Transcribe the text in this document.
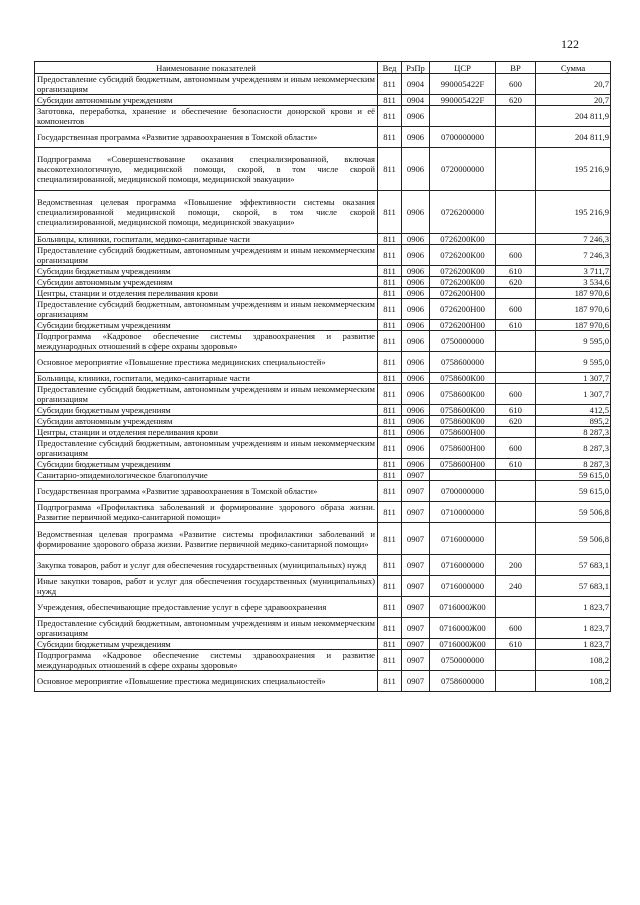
122
Наименование показателей	Вед	РзПр	ЦСР	ВР	Сумма
Предоставление субсидий бюджетным, автономным учреждениям и иным некоммерческим организациям	811	0904	990005422F	600	20,7
Субсидии автономным учреждениям	811	0904	990005422F	620	20,7
Заготовка, переработка, хранение и обеспечение безопасности донорской крови и её компонентов	811	0906			204 811,9
Государственная программа «Развитие здравоохранения в Томской области»	811	0906	0700000000		204 811,9
Подпрограмма «Совершенствование оказания специализированной, включая высокотехнологичную, медицинской помощи, скорой, в том числе скорой специализированной, медицинской помощи, медицинской эвакуации»	811	0906	0720000000		195 216,9
Ведомственная целевая программа «Повышение эффективности системы оказания специализированной медицинской помощи, скорой, в том числе скорой специализированной, медицинской помощи, медицинской эвакуации»	811	0906	0726200000		195 216,9
Больницы, клиники, госпитали, медико-санитарные части	811	0906	0726200К00		7 246,3
Предоставление субсидий бюджетным, автономным учреждениям и иным некоммерческим организациям	811	0906	0726200К00	600	7 246,3
Субсидии бюджетным учреждениям	811	0906	0726200К00	610	3 711,7
Субсидии автономным учреждениям	811	0906	0726200К00	620	3 534,6
Центры, станции и отделения переливания крови	811	0906	0726200Н00		187 970,6
Предоставление субсидий бюджетным, автономным учреждениям и иным некоммерческим организациям	811	0906	0726200Н00	600	187 970,6
Субсидии бюджетным учреждениям	811	0906	0726200Н00	610	187 970,6
Подпрограмма «Кадровое обеспечение системы здравоохранения и развитие международных отношений в сфере охраны здоровья»	811	0906	0750000000		9 595,0
Основное мероприятие «Повышение престижа медицинских специальностей»	811	0906	0758600000		9 595,0
Больницы, клиники, госпитали, медико-санитарные части	811	0906	0758600К00		1 307,7
Предоставление субсидий бюджетным, автономным учреждениям и иным некоммерческим организациям	811	0906	0758600К00	600	1 307,7
Субсидии бюджетным учреждениям	811	0906	0758600К00	610	412,5
Субсидии автономным учреждениям	811	0906	0758600К00	620	895,2
Центры, станции и отделения переливания крови	811	0906	0758600Н00		8 287,3
Предоставление субсидий бюджетным, автономным учреждениям и иным некоммерческим организациям	811	0906	0758600Н00	600	8 287,3
Субсидии бюджетным учреждениям	811	0906	0758600Н00	610	8 287,3
Санитарно-эпидемиологическое благополучие	811	0907			59 615,0
Государственная программа «Развитие здравоохранения в Томской области»	811	0907	0700000000		59 615,0
Подпрограмма «Профилактика заболеваний и формирование здорового образа жизни. Развитие первичной медико-санитарной помощи»	811	0907	0710000000		59 506,8
Ведомственная целевая программа «Развитие системы профилактики заболеваний и формирование здорового образа жизни. Развитие первичной медико-санитарной помощи»	811	0907	0716000000		59 506,8
Закупка товаров, работ и услуг для обеспечения государственных (муниципальных) нужд	811	0907	0716000000	200	57 683,1
Иные закупки товаров, работ и услуг для обеспечения государственных (муниципальных) нужд	811	0907	0716000000	240	57 683,1
Учреждения, обеспечивающие предоставление услуг в сфере здравоохранения	811	0907	0716000Ж00		1 823,7
Предоставление субсидий бюджетным, автономным учреждениям и иным некоммерческим организациям	811	0907	0716000Ж00	600	1 823,7
Субсидии бюджетным учреждениям	811	0907	0716000Ж00	610	1 823,7
Подпрограмма «Кадровое обеспечение системы здравоохранения и развитие международных отношений в сфере охраны здоровья»	811	0907	0750000000		108,2
Основное мероприятие «Повышение престижа медицинских специальностей»	811	0907	0758600000		108,2
